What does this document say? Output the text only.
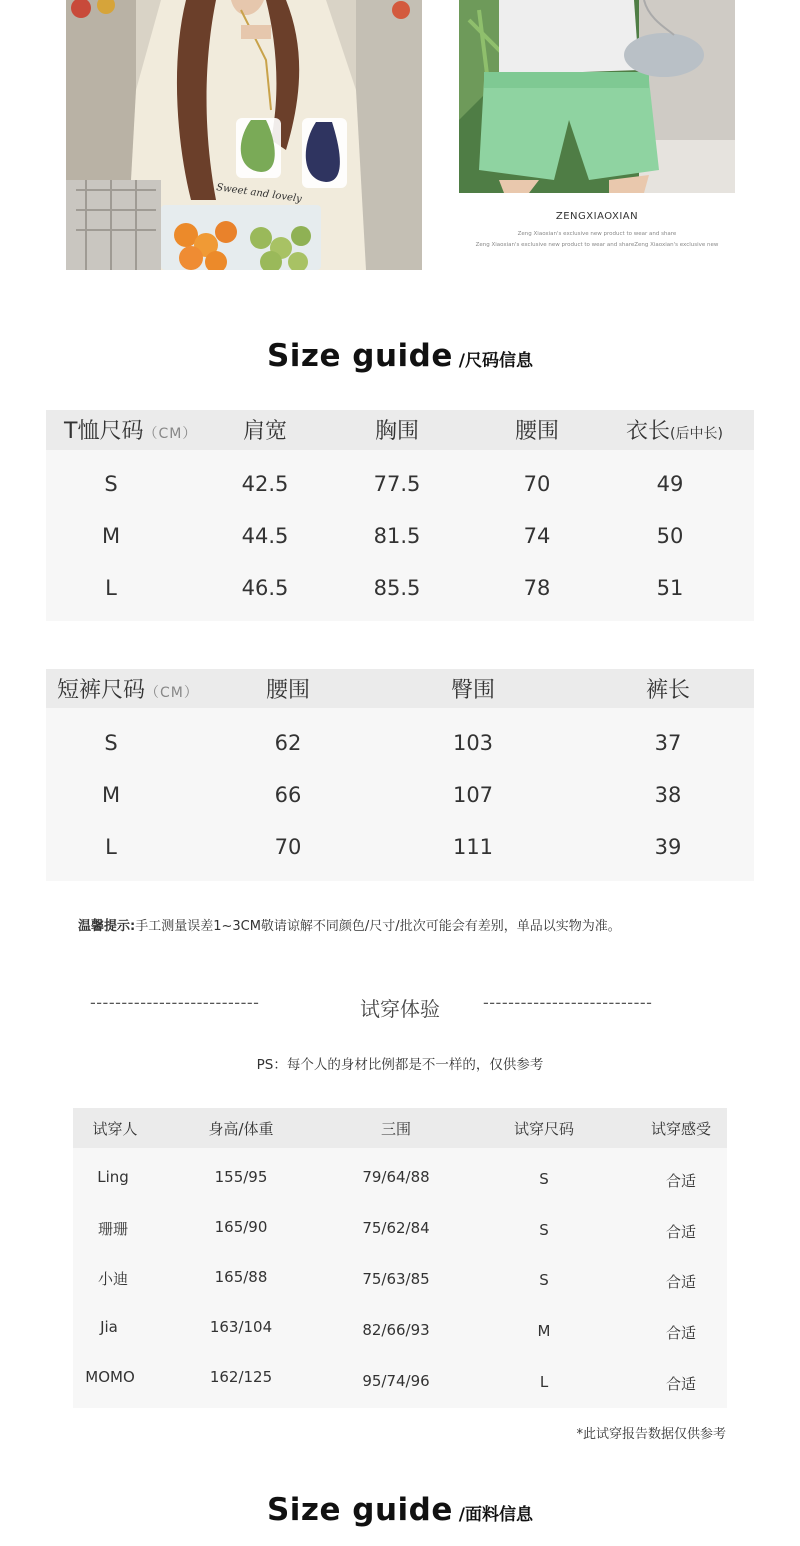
Sweet and lovely
ZENGXIAOXIAN
Zeng Xiaoxian's exclusive new product to wear and share
Zeng Xiaoxian's exclusive new product to wear and shareZeng Xiaoxian's exclusive new
Size guide /尺码信息
T恤尺码（CM）	肩宽	胸围	腰围	衣长(后中长)
S	42.5	77.5	70	49
M	44.5	81.5	74	50
L	46.5	85.5	78	51
短裤尺码（CM）	腰围	臀围	裤长
S	62	103	37
M	66	107	38
L	70	111	39
温馨提示:手工测量误差1~3CM敬请谅解不同颜色/尺寸/批次可能会有差别，单品以实物为准。
---------------------------	试穿体验	---------------------------
PS：每个人的身材比例都是不一样的，仅供参考
试穿人	身高/体重	三围	试穿尺码	试穿感受
Ling	155/95	79/64/88	S	合适
珊珊	165/90	75/62/84	S	合适
小迪	165/88	75/63/85	S	合适
Jia	163/104	82/66/93	M	合适
MOMO	162/125	95/74/96	L	合适
*此试穿报告数据仅供参考
Size guide /面料信息
